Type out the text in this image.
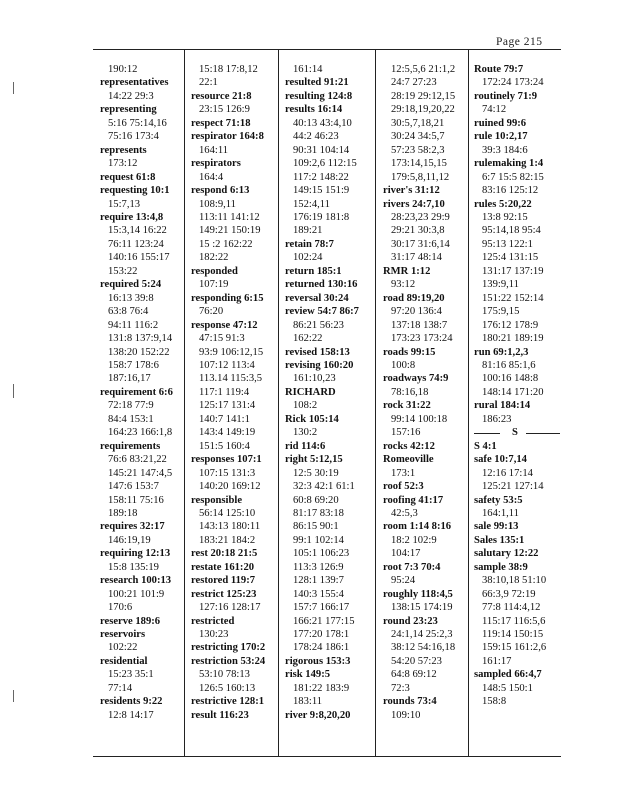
Page 215
190:12
representatives
14:22 29:3
representing
5:16 75:14,16
75:16 173:4
represents
173:12
request 61:8
requesting 10:1
15:7,13
require 13:4,8
15:3,14 16:22
76:11 123:24
140:16 155:17
153:22
required 5:24
16:13 39:8
63:8 76:4
94:11 116:2
131:8 137:9,14
138:20 152:22
158:7 178:6
187:16,17
requirement 6:6
72:18 77:9
84:4 153:1
164:23 166:1,8
requirements
76:6 83:21,22
145:21 147:4,5
147:6 153:7
158:11 75:16
189:18
requires 32:17
146:19,19
requiring 12:13
15:8 135:19
research 100:13
100:21 101:9
170:6
reserve 189:6
reservoirs
102:22
residential
15:23 35:1
77:14
residents 9:22
12:8 14:17
15:18 17:8,12
22:1
resource 21:8
23:15 126:9
respect 71:18
respirator 164:8
164:11
respirators
164:4
respond 6:13
108:9,11
113:11 141:12
149:21 150:19
15 :2 162:22
182:22
responded
107:19
responding 6:15
76:20
response 47:12
47:15 91:3
93:9 106:12,15
107:12 113:4
113.14 115:3,5
117:1 119:4
125:17 131:4
140:7 141:1
143:4 149:19
151:5 160:4
responses 107:1
107:15 131:3
140:20 169:12
responsible
56:14 125:10
143:13 180:11
183:21 184:2
rest 20:18 21:5
restate 161:20
restored 119:7
restrict 125:23
127:16 128:17
restricted
130:23
restricting 170:2
restriction 53:24
53:10 78:13
126:5 160:13
restrictive 128:1
result 116:23
161:14
resulted 91:21
resulting 124:8
results 16:14
40:13 43:4,10
44:2 46:23
90:31 104:14
109:2,6 112:15
117:2 148:22
149:15 151:9
152:4,11
176:19 181:8
189:21
retain 78:7
102:24
return 185:1
returned 130:16
reversal 30:24
review 54:7 86:7
86:21 56:23
162:22
revised 158:13
revising 160:20
161:10,23
RICHARD
108:2
Rick 105:14
130:2
rid 114:6
right 5:12,15
12:5 30:19
32:3 42:1 61:1
60:8 69:20
81:17 83:18
86:15 90:1
99:1 102:14
105:1 106:23
113:3 126:9
128:1 139:7
140:3 155:4
157:7 166:17
166:21 177:15
177:20 178:1
178:24 186:1
rigorous 153:3
risk 149:5
181:22 183:9
183:11
river 9:8,20,20
12:5,5,6 21:1,2
24:7 27:23
28:19 29:12,15
29:18,19,20,22
30:5,7,18,21
30:24 34:5,7
57:23 58:2,3
173:14,15,15
179:5,8,11,12
river's 31:12
rivers 24:7,10
28:23,23 29:9
29:21 30:3,8
30:17 31:6,14
31:17 48:14
RMR 1:12
93:12
road 89:19,20
97:20 136:4
137:18 138:7
173:23 173:24
roads 99:15
100:8
roadways 74:9
78:16,18
rock 31:22
99:14 100:18
157:16
rocks 42:12
Romeoville
173:1
roof 52:3
roofing 41:17
42:5,3
room 1:14 8:16
18:2 102:9
104:17
root 7:3 70:4
95:24
roughly 118:4,5
138:15 174:19
round 23:23
24:1,14 25:2,3
38:12 54:16,18
54:20 57:23
64:8 69:12
72:3
rounds 73:4
109:10
Route 79:7
172:24 173:24
routinely 71:9
74:12
ruined 99:6
rule 10:2,17
39:3 184:6
rulemaking 1:4
6:7 15:5 82:15
83:16 125:12
rules 5:20,22
13:8 92:15
95:14,18 95:4
95:13 122:1
125:4 131:15
131:17 137:19
139:9,11
151:22 152:14
175:9,15
176:12 178:9
180:21 189:19
run 69:1,2,3
81:16 85:1,6
100:16 148:8
148:14 171:20
rural 184:14
186:23
S
S 4:1
safe 10:7,14
12:16 17:14
125:21 127:14
safety 53:5
164:1,11
sale 99:13
Sales 135:1
salutary 12:22
sample 38:9
38:10,18 51:10
66:3,9 72:19
77:8 114:4,12
115:17 116:5,6
119:14 150:15
159:15 161:2,6
161:17
sampled 66:4,7
148:5 150:1
158:8
